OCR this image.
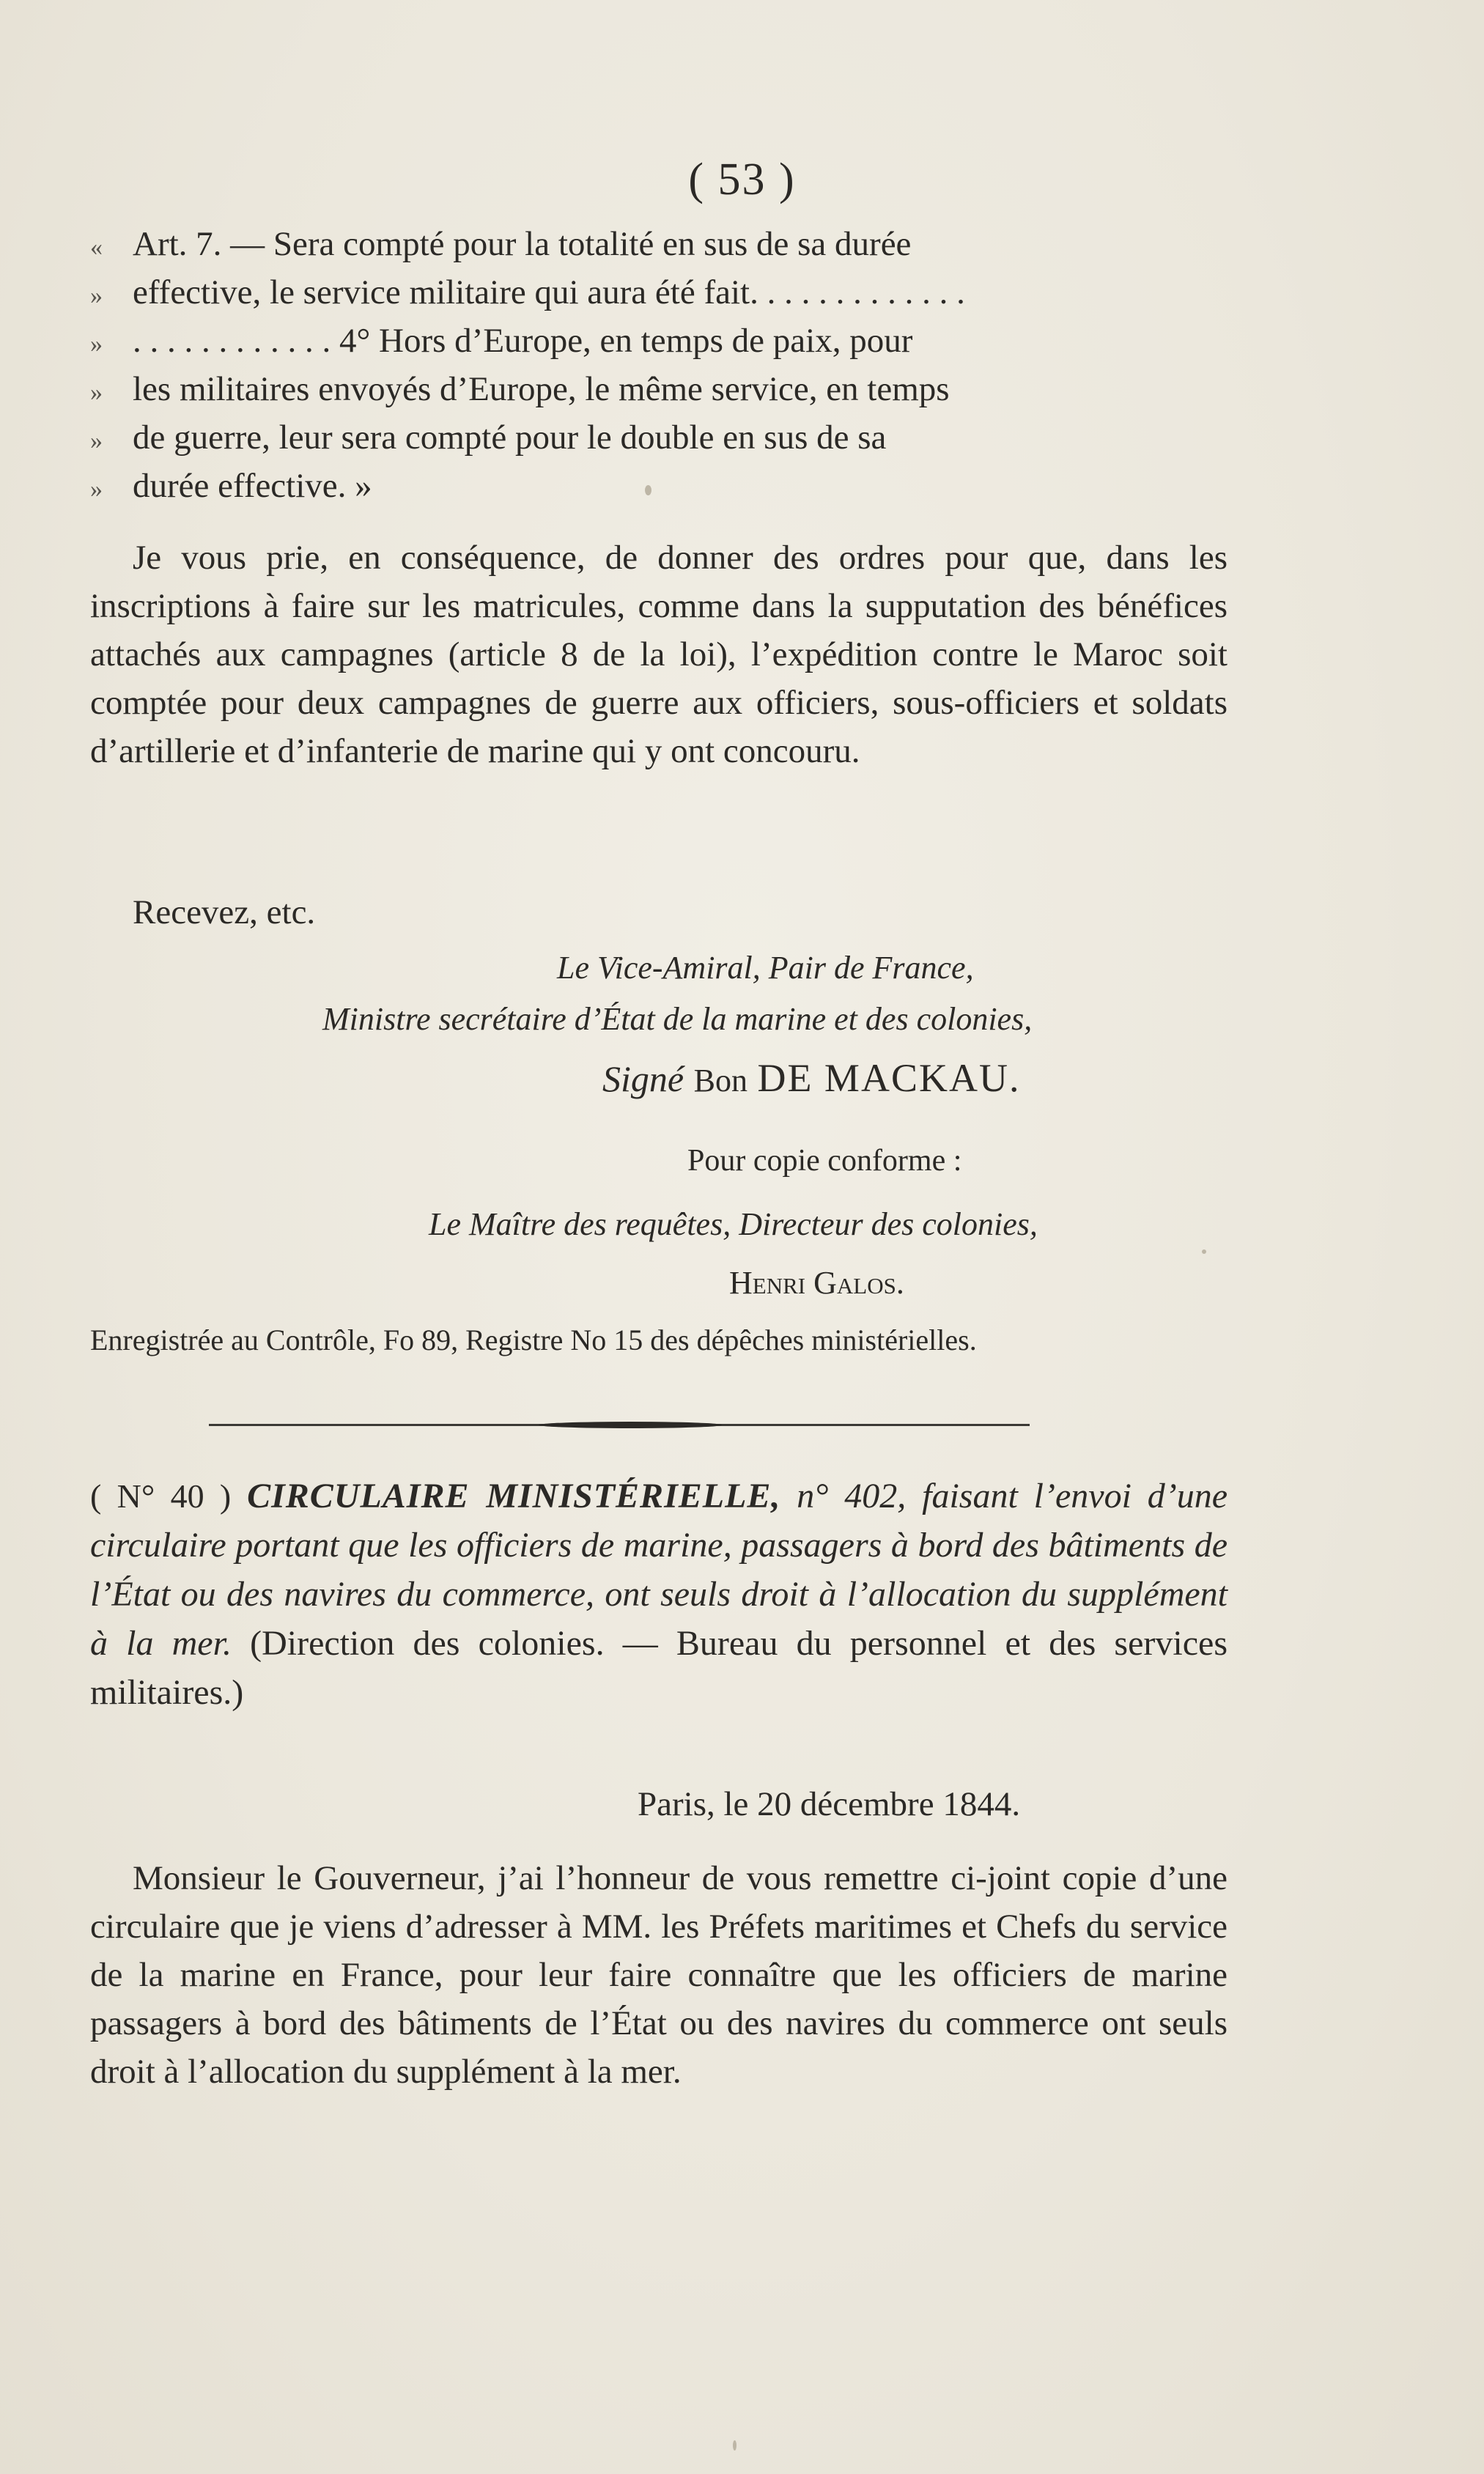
( 53 )
« Art. 7. — Sera compté pour la totalité en sus de sa durée
» effective, le service militaire qui aura été fait. . . . . . . . . . . . .
» . . . . . . . . . . . . 4° Hors d’Europe, en temps de paix, pour
» les militaires envoyés d’Europe, le même service, en temps
» de guerre, leur sera compté pour le double en sus de sa
» durée effective. »
Je vous prie, en conséquence, de donner des ordres pour que, dans les inscriptions à faire sur les matricules, comme dans la supputation des bénéfices attachés aux campagnes (article 8 de la loi), l’expédition contre le Maroc soit comptée pour deux campagnes de guerre aux officiers, sous-officiers et soldats d’artillerie et d’infanterie de marine qui y ont concouru.
Recevez, etc.
Le Vice-Amiral, Pair de France,
Ministre secrétaire d’État de la marine et des colonies,
Signé Bon DE MACKAU.
Pour copie conforme :
Le Maître des requêtes, Directeur des colonies,
Henri Galos.
Enregistrée au Contrôle, Fo 89, Registre No 15 des dépêches ministérielles.
( N° 40 ) CIRCULAIRE MINISTÉRIELLE, n° 402, faisant l’envoi d’une circulaire portant que les officiers de marine, passagers à bord des bâtiments de l’État ou des navires du commerce, ont seuls droit à l’allocation du supplément à la mer. (Direction des colonies. — Bureau du personnel et des services militaires.)
Paris, le 20 décembre 1844.
Monsieur le Gouverneur, j’ai l’honneur de vous remettre ci-joint copie d’une circulaire que je viens d’adresser à MM. les Préfets maritimes et Chefs du service de la marine en France, pour leur faire connaître que les officiers de marine passagers à bord des bâtiments de l’État ou des navires du commerce ont seuls droit à l’allocation du supplément à la mer.
